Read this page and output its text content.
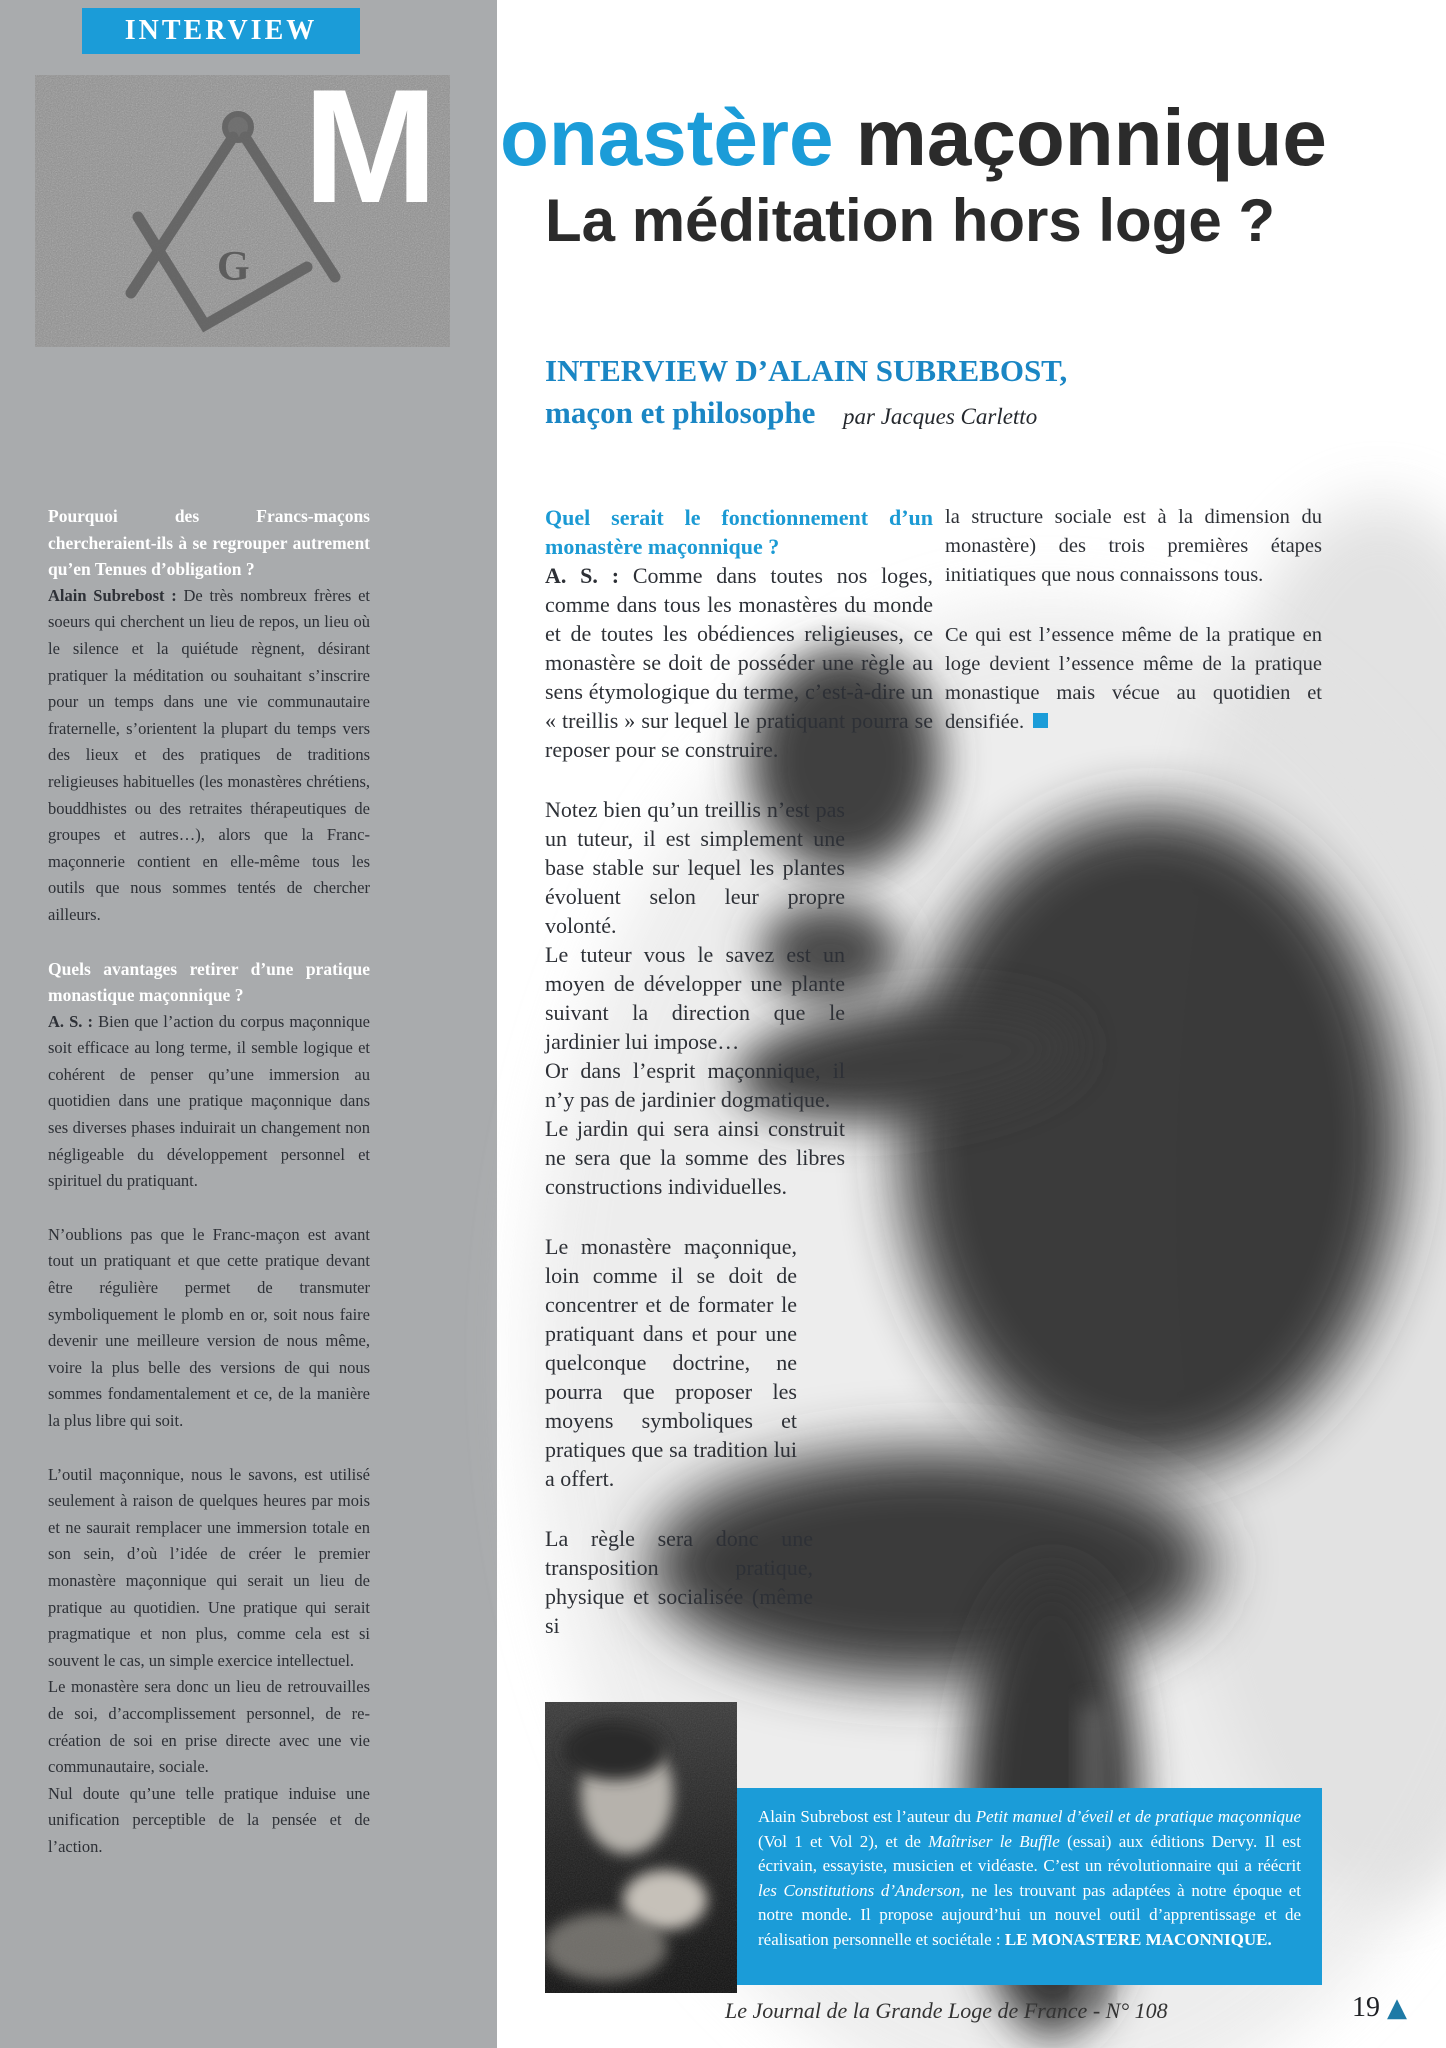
INTERVIEW
G
M onastère maçonnique
La méditation hors loge ?
INTERVIEW D’ALAIN SUBREBOST,
maçon et philosophe	par Jacques Carletto

Pourquoi des Francs-maçons chercheraient-ils à se regrouper autrement qu’en Tenues d’obligation ?

Alain Subrebost : De très nombreux frères et soeurs qui cherchent un lieu de repos, un lieu où le silence et la quiétude règnent, désirant pratiquer la méditation ou souhaitant s’inscrire pour un temps dans une vie communautaire fraternelle, s’orientent la plupart du temps vers des lieux et des pratiques de traditions religieuses habituelles (les monastères chrétiens, bouddhistes ou des retraites thérapeutiques de groupes et autres…), alors que la Franc-maçonnerie contient en elle-même tous les outils que nous sommes tentés de chercher ailleurs.

Quels avantages retirer d’une pratique monastique maçonnique ?

A. S. : Bien que l’action du corpus maçonnique soit efficace au long terme, il semble logique et cohérent de penser qu’une immersion au quotidien dans une pratique maçonnique dans ses diverses phases induirait un changement non négligeable du développement personnel et spirituel du pratiquant.

N’oublions pas que le Franc-maçon est avant tout un pratiquant et que cette pratique devant être régulière permet de transmuter symboliquement le plomb en or, soit nous faire devenir une meilleure version de nous même, voire la plus belle des versions de qui nous sommes fondamentalement et ce, de la manière la plus libre qui soit.

L’outil maçonnique, nous le savons, est utilisé seulement à raison de quelques heures par mois et ne saurait remplacer une immersion totale en son sein, d’où l’idée de créer le premier monastère maçonnique qui serait un lieu de pratique au quotidien. Une pratique qui serait pragmatique et non plus, comme cela est si souvent le cas, un simple exercice intellectuel.

Le monastère sera donc un lieu de retrouvailles de soi, d’accomplissement personnel, de re-création de soi en prise directe avec une vie communautaire, sociale.

Nul doute qu’une telle pratique induise une unification perceptible de la pensée et de l’action.

Quel serait le fonctionnement d’un monastère maçonnique ?

A. S. : Comme dans toutes nos loges, comme dans tous les monastères du monde et de toutes les obédiences religieuses, ce monastère se doit de posséder une règle au sens étymologique du terme, c’est-à-dire un « treillis » sur lequel le pratiquant pourra se reposer pour se construire.

Notez bien qu’un treillis n’est pas un tuteur, il est simplement une base stable sur lequel les plantes évoluent selon leur propre volonté.

Le tuteur vous le savez est un moyen de développer une plante suivant la direction que le jardinier lui impose…

Or dans l’esprit maçonnique, il n’y pas de jardinier dogmatique.

Le jardin qui sera ainsi construit ne sera que la somme des libres constructions individuelles.

Le monastère maçonnique, loin comme il se doit de concentrer et de formater le pratiquant dans et pour une quelconque doctrine, ne pourra que proposer les moyens symboliques et pratiques que sa tradition lui a offert.

La règle sera donc une transposition pratique, physique et socialisée (même si

la structure sociale est à la dimension du monastère) des trois premières étapes initiatiques que nous connaissons tous.

Ce qui est l’essence même de la pratique en loge devient l’essence même de la pratique monastique mais vécue au quotidien et densifiée.

Alain Subrebost est l’auteur du Petit manuel d’éveil et de pratique maçonnique (Vol 1 et Vol 2), et de Maîtriser le Buffle (essai) aux éditions Dervy. Il est écrivain, essayiste, musicien et vidéaste. C’est un révolutionnaire qui a réécrit les Constitutions d’Anderson, ne les trouvant pas adaptées à notre époque et notre monde. Il propose aujourd’hui un nouvel outil d’apprentissage et de réalisation personnelle et sociétale : LE MONASTERE MACONNIQUE.

Le Journal de la Grande Loge de France - N° 108	19 ▲
